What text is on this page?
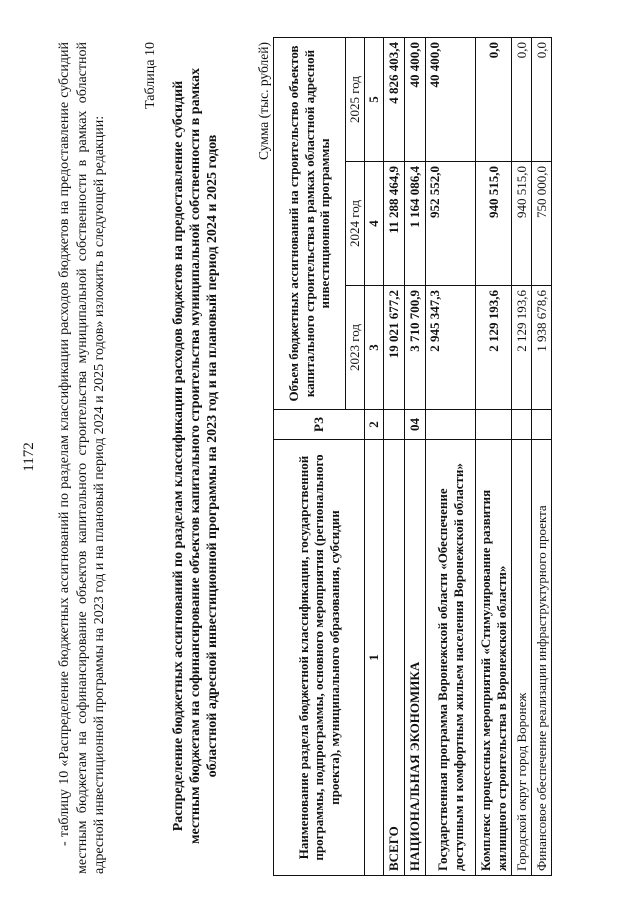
1172 - таблицу 10 «Распределение бюджетных ассигнований по разделам классификации расходов бюджетов на предоставление субсидий местным бюджетам на софинансирование объектов капитального строительства муниципальной собственности в рамках областной адресной инвестиционной программы на 2023 год и на плановый период 2024 и 2025 годов» изложить в следующей редакции:
Таблица 10
Распределение бюджетных ассигнований по разделам классификации расходов бюджетов на предоставление субсидий местным бюджетам на софинансирование объектов капитального строительства муниципальной собственности в рамках областной адресной инвестиционной программы на 2023 год и на плановый период 2024 и 2025 годов
Сумма (тыс. рублей)
Наименование раздела бюджетной классификации, государственной программы, подпрограммы, основного мероприятия (регионального проекта), муниципального образования, субсидии	РЗ	Объем бюджетных ассигнований на строительство объектов капитального строительства в рамках областной адресной инвестиционной программы		
		2023 год	2024 год	2025 год
1	2	3	4	5
ВСЕГО		19 021 677,2	11 288 464,9	4 826 403,4
НАЦИОНАЛЬНАЯ ЭКОНОМИКА	04	3 710 700,9	1 164 086,4	40 400,0
Государственная программа Воронежской области «Обеспечение доступным и комфортным жильем населения Воронежской области»		2 945 347,3	952 552,0	40 400,0
Комплекс процессных мероприятий «Стимулирование развития жилищного строительства в Воронежской области»		2 129 193,6	940 515,0	0,0
Городской округ город Воронеж		2 129 193,6	940 515,0	0,0
Финансовое обеспечение реализации инфраструктурного проекта		1 938 678,6	750 000,0	0,0
